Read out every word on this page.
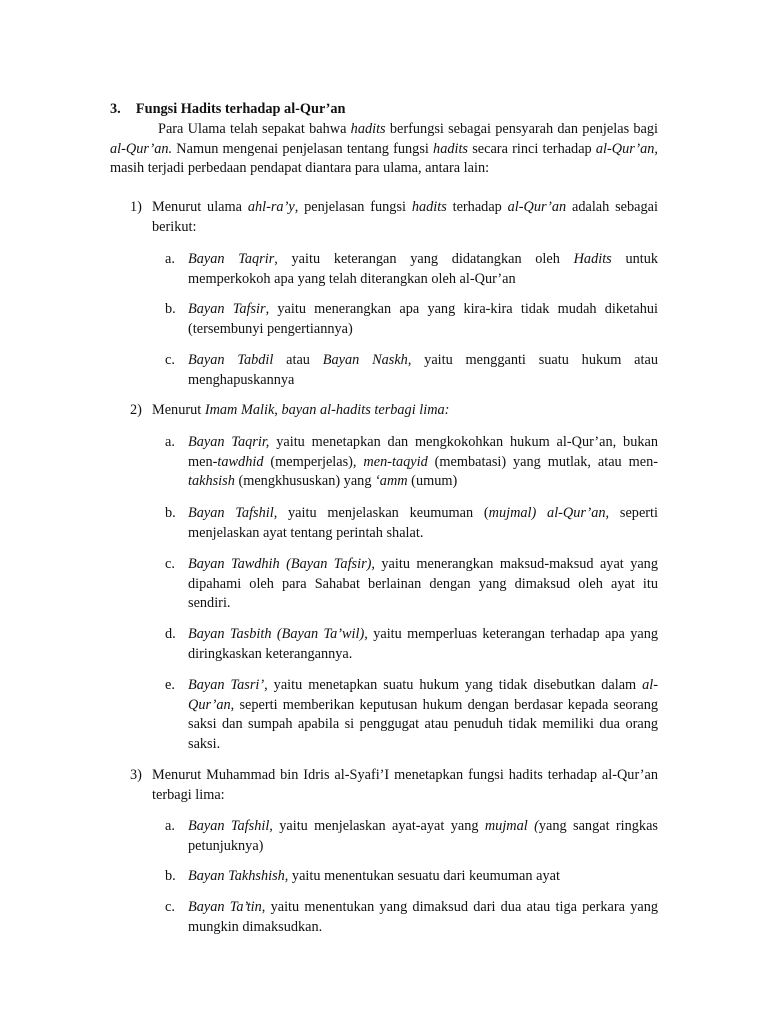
3. Fungsi Hadits terhadap al-Qur’an

Para Ulama telah sepakat bahwa hadits berfungsi sebagai pensyarah dan penjelas bagi al-Qur’an. Namun mengenai penjelasan tentang fungsi hadits secara rinci terhadap al-Qur’an, masih terjadi perbedaan pendapat diantara para ulama, antara lain:

1) Menurut ulama ahl-ra’y, penjelasan fungsi hadits terhadap al-Qur’an adalah sebagai berikut:

a. Bayan Taqrir, yaitu keterangan yang didatangkan oleh Hadits untuk memperkokoh apa yang telah diterangkan oleh al-Qur’an

b. Bayan Tafsir, yaitu menerangkan apa yang kira-kira tidak mudah diketahui (tersembunyi pengertiannya)

c. Bayan Tabdil atau Bayan Naskh, yaitu mengganti suatu hukum atau menghapuskannya

2) Menurut Imam Malik, bayan al-hadits terbagi lima:

a. Bayan Taqrir, yaitu menetapkan dan mengkokohkan hukum al-Qur’an, bukan men-tawdhid (memperjelas), men-taqyid (membatasi) yang mutlak, atau men-takhsish (mengkhususkan) yang ‘amm (umum)

b. Bayan Tafshil, yaitu menjelaskan keumuman (mujmal) al-Qur’an, seperti menjelaskan ayat tentang perintah shalat.

c. Bayan Tawdhih (Bayan Tafsir), yaitu menerangkan maksud-maksud ayat yang dipahami oleh para Sahabat berlainan dengan yang dimaksud oleh ayat itu sendiri.

d. Bayan Tasbith (Bayan Ta’wil), yaitu memperluas keterangan terhadap apa yang diringkaskan keterangannya.

e. Bayan Tasri’, yaitu menetapkan suatu hukum yang tidak disebutkan dalam al-Qur’an, seperti memberikan keputusan hukum dengan berdasar kepada seorang saksi dan sumpah apabila si penggugat atau penuduh tidak memiliki dua orang saksi.

3) Menurut Muhammad bin Idris al-Syafi’I menetapkan fungsi hadits terhadap al-Qur’an terbagi lima:

a. Bayan Tafshil, yaitu menjelaskan ayat-ayat yang mujmal (yang sangat ringkas petunjuknya)

b. Bayan Takhshish, yaitu menentukan sesuatu dari keumuman ayat

c. Bayan Ta’tin, yaitu menentukan yang dimaksud dari dua atau tiga perkara yang mungkin dimaksudkan.
